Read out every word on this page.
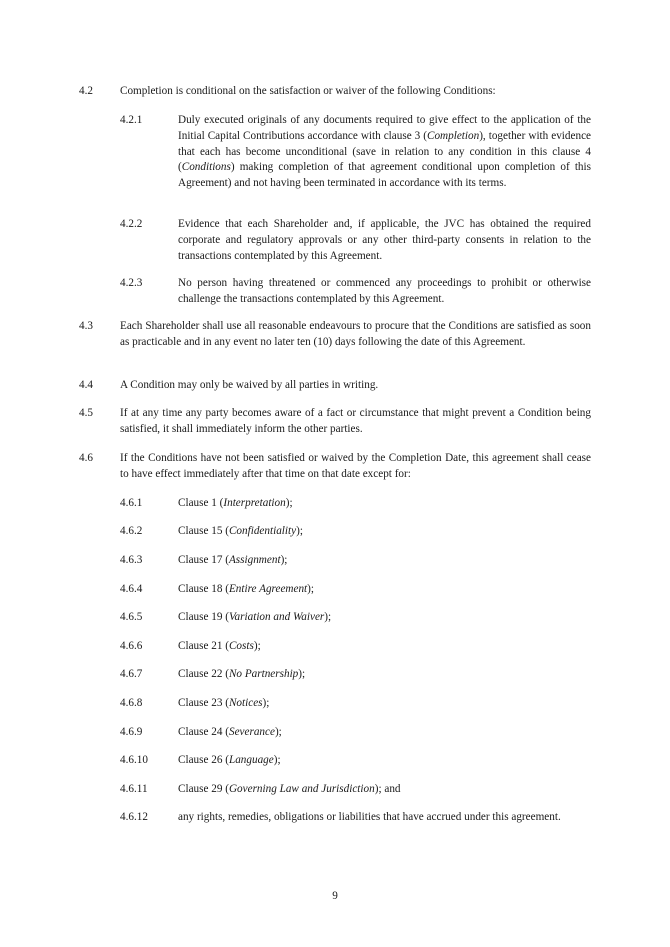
4.2 Completion is conditional on the satisfaction or waiver of the following Conditions:
4.2.1	Duly executed originals of any documents required to give effect to the application of the Initial Capital Contributions accordance with clause 3 (Completion), together with evidence that each has become unconditional (save in relation to any condition in this clause 4 (Conditions) making completion of that agreement conditional upon completion of this Agreement) and not having been terminated in accordance with its terms.
4.2.2	Evidence that each Shareholder and, if applicable, the JVC has obtained the required corporate and regulatory approvals or any other third-party consents in relation to the transactions contemplated by this Agreement.
4.2.3	No person having threatened or commenced any proceedings to prohibit or otherwise challenge the transactions contemplated by this Agreement.
4.3 Each Shareholder shall use all reasonable endeavours to procure that the Conditions are satisfied as soon as practicable and in any event no later ten (10) days following the date of this Agreement.
4.4 A Condition may only be waived by all parties in writing.
4.5 If at any time any party becomes aware of a fact or circumstance that might prevent a Condition being satisfied, it shall immediately inform the other parties.
4.6 If the Conditions have not been satisfied or waived by the Completion Date, this agreement shall cease to have effect immediately after that time on that date except for:
4.6.1	Clause 1 (Interpretation);
4.6.2	Clause 15 (Confidentiality);
4.6.3	Clause 17 (Assignment);
4.6.4	Clause 18 (Entire Agreement);
4.6.5	Clause 19 (Variation and Waiver);
4.6.6	Clause 21 (Costs);
4.6.7	Clause 22 (No Partnership);
4.6.8	Clause 23 (Notices);
4.6.9	Clause 24 (Severance);
4.6.10	Clause 26 (Language);
4.6.11	Clause 29 (Governing Law and Jurisdiction); and
4.6.12	any rights, remedies, obligations or liabilities that have accrued under this agreement.
9
